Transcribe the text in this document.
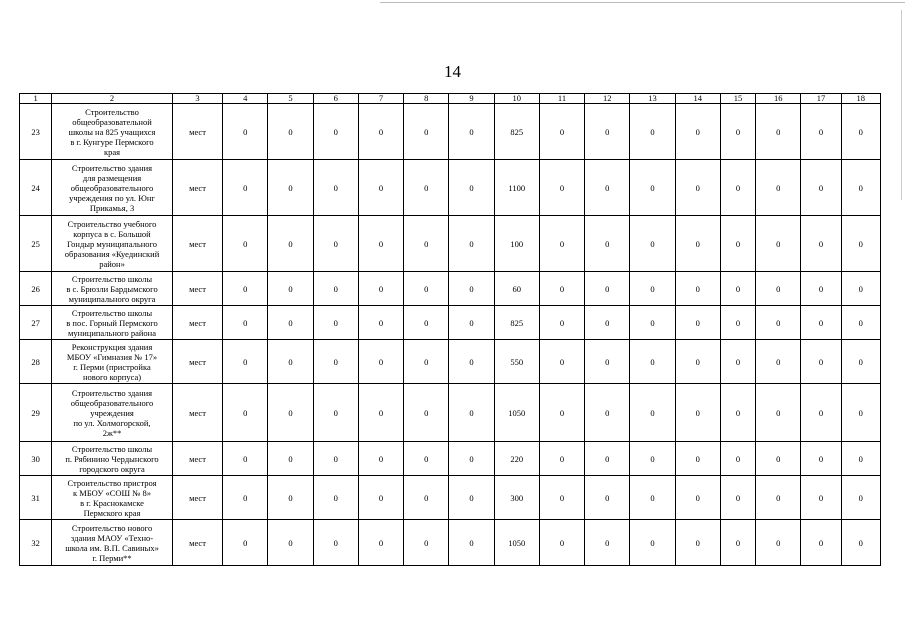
14
1	2	3	4	5	6	7	8	9	10	11	12	13	14	15	16	17	18
23	Строительство
общеобразовательной
школы на 825 учащихся
в г. Кунгуре Пермского
края	мест	0	0	0	0	0	0	825	0	0	0	0	0	0	0	0
24	Строительство здания
для размещения
общеобразовательного
учреждения по ул. Юнг
Прикамья, 3	мест	0	0	0	0	0	0	1100	0	0	0	0	0	0	0	0
25	Строительство учебного
корпуса в с. Большой
Гондыр муниципального
образования «Куединский
район»	мест	0	0	0	0	0	0	100	0	0	0	0	0	0	0	0
26	Строительство школы
в с. Брюзли Бардымского
муниципального округа	мест	0	0	0	0	0	0	60	0	0	0	0	0	0	0	0
27	Строительство школы
в пос. Горный Пермского
муниципального района	мест	0	0	0	0	0	0	825	0	0	0	0	0	0	0	0
28	Реконструкция здания
МБОУ «Гимназия № 17»
г. Перми (пристройка
нового корпуса)	мест	0	0	0	0	0	0	550	0	0	0	0	0	0	0	0
29	Строительство здания
общеобразовательного
учреждения
по ул. Холмогорской,
2ж**	мест	0	0	0	0	0	0	1050	0	0	0	0	0	0	0	0
30	Строительство школы
п. Рябинино Чердынского
городского округа	мест	0	0	0	0	0	0	220	0	0	0	0	0	0	0	0
31	Строительство пристроя
к МБОУ «СОШ № 8»
в г. Краснокамске
Пермского края	мест	0	0	0	0	0	0	300	0	0	0	0	0	0	0	0
32	Строительство нового
здания МАОУ «Техно-
школа им. В.П. Савиных»
г. Перми**	мест	0	0	0	0	0	0	1050	0	0	0	0	0	0	0	0
